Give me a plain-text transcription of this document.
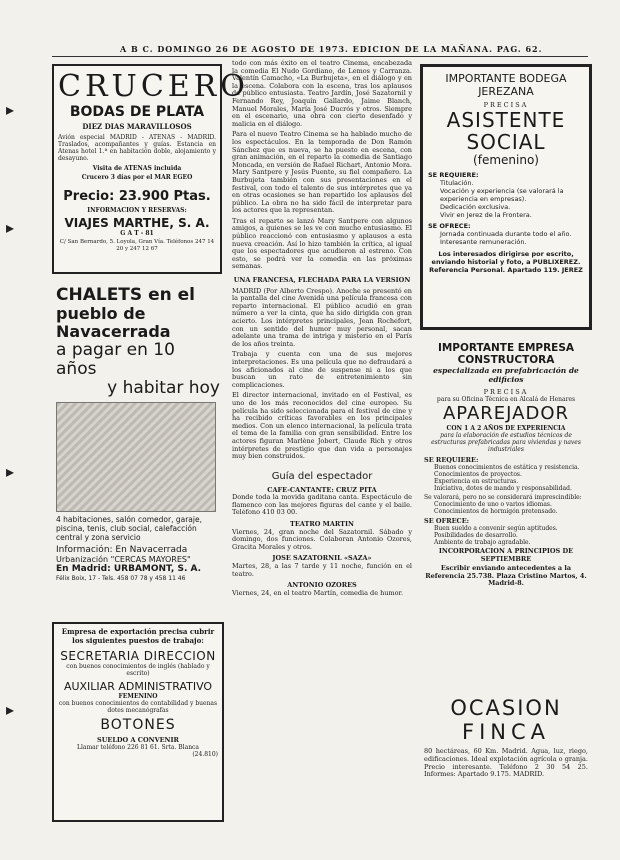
A B C. DOMINGO 26 DE AGOSTO DE 1973. EDICION DE LA MAÑANA. PAG. 62.
▸
▸
▸
▸
CRUCERO
BODAS DE PLATA
DIEZ DIAS MARAVILLOSOS
Avión especial MADRID - ATENAS - MADRID. Traslados, acompañantes y guías. Estancia en Atenas hotel 1.ª en habitación doble, alojamiento y desayuno.
Visita de ATENAS incluida
Crucero 3 días por el MAR EGEO
Precio: 23.900 Ptas.
INFORMACION Y RESERVAS:
VIAJES MARTHE, S. A.
G A T - 81
C/ San Bernardo, 5. Loyola, Gran Vía. Teléfonos 247 14 20 y 247 12 67
CHALETS en el
pueblo de Navacerrada
a pagar en 10 años
y habitar hoy
4 habitaciones, salón comedor, garaje, piscina, tenis, club social, calefacción central y zona servicio
Información: En Navacerrada
Urbanización "CERCAS MAYORES"
En Madrid: URBAMONT, S. A.
Félix Boix, 17 - Tels. 458 07 78 y 458 11 46
Empresa de exportación precisa cubrir los siguientes puestos de trabajo:
SECRETARIA DIRECCION
con buenos conocimientos de inglés (hablado y escrito)
AUXILIAR ADMINISTRATIVO
FEMENINO
con buenos conocimientos de contabilidad y buenas dotes mecanógrafas
BOTONES
SUELDO A CONVENIR
Llamar teléfono 226 81 61. Srta. Blanca
(24.810)

todo con más éxito en el teatro Cinema, encabezada la comedia El Nudo Gordiano, de Lemos y Carranza. Valentín Camacho, «La Burbujeta», en el diálogo y en la escena. Colabora con la escena, tras los aplausos de público entusiasta. Teatro Jardín, José Sazatornil y Fernando Rey, Joaquín Gallardo, Jaime Blanch, Manuel Morales, María José Ducrós y otros. Siempre en el escenario, una obra con cierto desenfado y malicia en el diálogo.

Para el nuevo Teatro Cinema se ha hablado mucho de los espectáculos. En la temporada de Don Ramón Sánchez que es nueva, se ha puesto en escena, con gran animación, en el reparto la comedia de Santiago Moncada, en versión de Rafael Richart, Antonio Mora. Mary Santpere y Jesús Puente, su fiel compañero. La Burbujeta también con sus presentaciones en el festival, con todo el talento de sus intérpretes que ya en otras ocasiones se han repartido los aplausos del público. La obra no ha sido fácil de interpretar para los actores que la representan.

Tras el reparto se lanzó Mary Santpere con algunos amigos, a quienes se les ve con mucho entusiasmo. El público reaccionó con entusiasmo y aplausos a esta nueva creación. Así lo hizo también la crítica, al igual que los espectadores que acudieron al estreno. Con esto, se podrá ver la comedia en las próximas semanas.

UNA FRANCESA, FLECHADA PARA LA VERSION

MADRID (Por Alberto Crespo). Anoche se presentó en la pantalla del cine Avenida una película francesa con reparto internacional. El público acudió en gran número a ver la cinta, que ha sido dirigida con gran acierto. Los intérpretes principales, Jean Rochefort, con un sentido del humor muy personal, sacan adelante una trama de intriga y misterio en el París de los años treinta.

Trabaja y cuenta con una de sus mejores interpretaciones. Es una película que no defraudará a los aficionados al cine de suspense ni a los que buscan un rato de entretenimiento sin complicaciones.

El director internacional, invitado en el Festival, es uno de los más reconocidos del cine europeo. Su película ha sido seleccionada para el festival de cine y ha recibido críticas favorables en los principales medios. Con un elenco internacional, la película trata el tema de la familia con gran sensibilidad. Entre los actores figuran Marlène Jobert, Claude Rich y otros intérpretes de prestigio que dan vida a personajes muy bien construidos.

Guía del espectador
CAFE-CANTANTE: CRUZ PITA

Donde toda la movida gaditana canta. Espectáculo de flamenco con las mejores figuras del cante y el baile. Teléfono 410 03 00.

TEATRO MARTIN

Viernes, 24, gran noche del Sazatornil. Sábado y domingo, dos funciones. Colaboran Antonio Ozores, Gracita Morales y otros.

JOSE SAZATORNIL «SAZA»

Martes, 28, a las 7 tarde y 11 noche, función en el teatro.

ANTONIO OZORES

Viernes, 24, en el teatro Martín, comedia de humor.

IMPORTANTE BODEGA
JEREZANA
PRECISA
ASISTENTE
SOCIAL
(femenino)
SE REQUIERE:
Titulación.
Vocación y experiencia (se valorará la experiencia en empresas).
Dedicación exclusiva.
Vivir en Jerez de la Frontera.
SE OFRECE:
Jornada continuada durante todo el año.
Interesante remuneración.
Los interesados dirigirse por escrito, enviando historial y foto, a PUBLIXEREZ. Referencia Personal. Apartado 119. JEREZ
IMPORTANTE EMPRESA
CONSTRUCTORA
especializada en prefabricación de edificios
PRECISA
para su Oficina Técnica en Alcalá de Henares
APAREJADOR
CON 1 A 2 AÑOS DE EXPERIENCIA
para la elaboración de estudios técnicos de estructuras prefabricadas para viviendas y naves industriales
SE REQUIERE:
Buenos conocimientos de estática y resistencia.
Conocimientos de proyectos.
Experiencia en estructuras.
Iniciativa, dotes de mando y responsabilidad.
Se valorará, pero no se considerará imprescindible:
Conocimiento de uno o varios idiomas.
Conocimientos de hormigón pretensado.
SE OFRECE:
Buen sueldo a convenir según aptitudes.
Posibilidades de desarrollo.
Ambiente de trabajo agradable.
INCORPORACION A PRINCIPIOS DE SEPTIEMBRE
Escribir enviando antecedentes a la Referencia 25.738. Plaza Cristino Martos, 4. Madrid-8.
OCASION
FINCA
80 hectáreas, 60 Km. Madrid. Agua, luz, riego, edificaciones. Ideal explotación agrícola o granja. Precio interesante. Teléfono 2 30 54 25. Informes: Apartado 9.175. MADRID.
